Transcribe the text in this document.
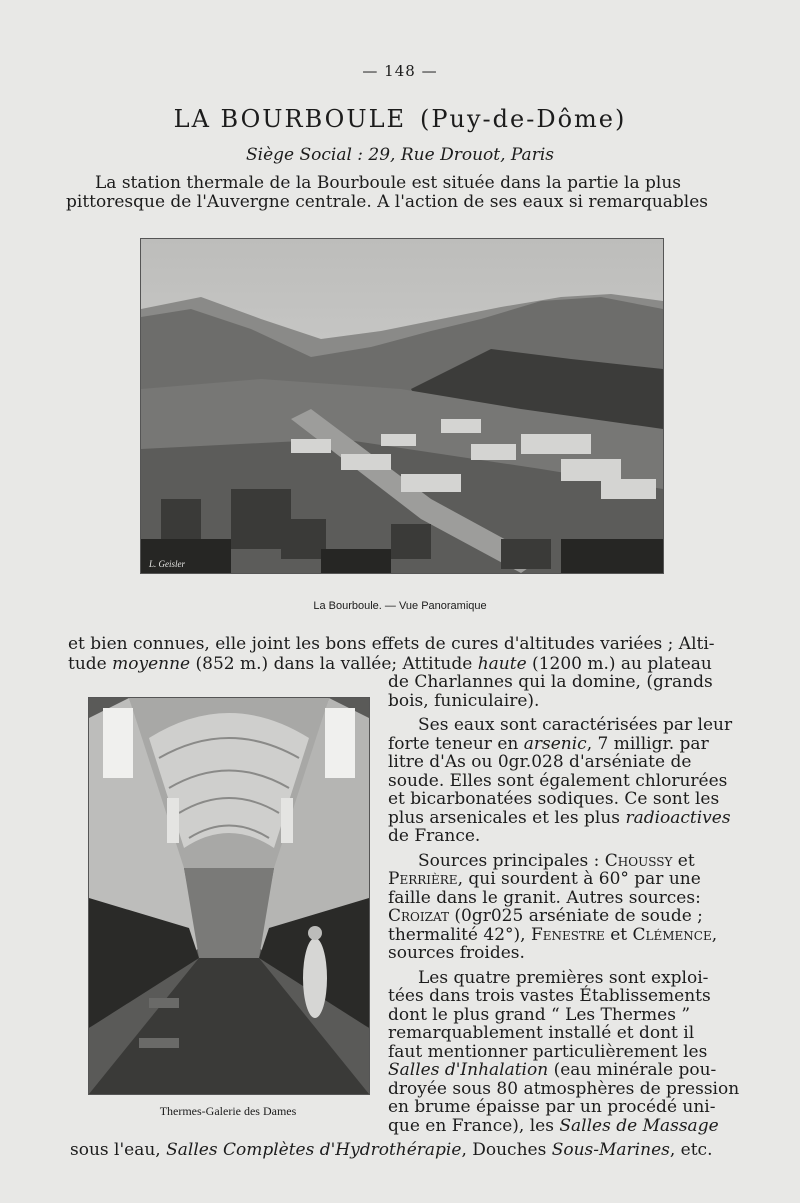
— 148 —
LA BOURBOULE (Puy-de-Dôme)
Siège Social : 29, Rue Drouot, Paris
La station thermale de la Bourboule est située dans la partie la plus
pittoresque de l'Auvergne centrale. A l'action de ses eaux si remarquables
L. Geisler
La Bourboule. — Vue Panoramique
et bien connues, elle joint les bons effets de cures d'altitudes variées ; Alti-
tude moyenne (852 m.) dans la vallée; Attitude haute (1200 m.) au plateau
Thermes-Galerie des Dames
de Charlannes qui la domine, (grands
bois, funiculaire).
Ses eaux sont caractérisées par leur
forte teneur en arsenic, 7 milligr. par
litre d'As ou 0gr.028 d'arséniate de
soude. Elles sont également chlorurées
et bicarbonatées sodiques. Ce sont les
plus arsenicales et les plus radioactives
de France.
Sources principales : Choussy et
Perrière, qui sourdent à 60° par une
faille dans le granit. Autres sources:
Croizat (0gr025 arséniate de soude ;
thermalité 42°), Fenestre et Clémence,
sources froides.
Les quatre premières sont exploi-
tées dans trois vastes Établissements
dont le plus grand “ Les Thermes ”
remarquablement installé et dont il
faut mentionner particulièrement les
Salles d'Inhalation (eau minérale pou-
droyée sous 80 atmosphères de pression
en brume épaisse par un procédé uni-
que en France), les Salles de Massage
sous l'eau, Salles Complètes d'Hydrothérapie, Douches Sous-Marines, etc.
